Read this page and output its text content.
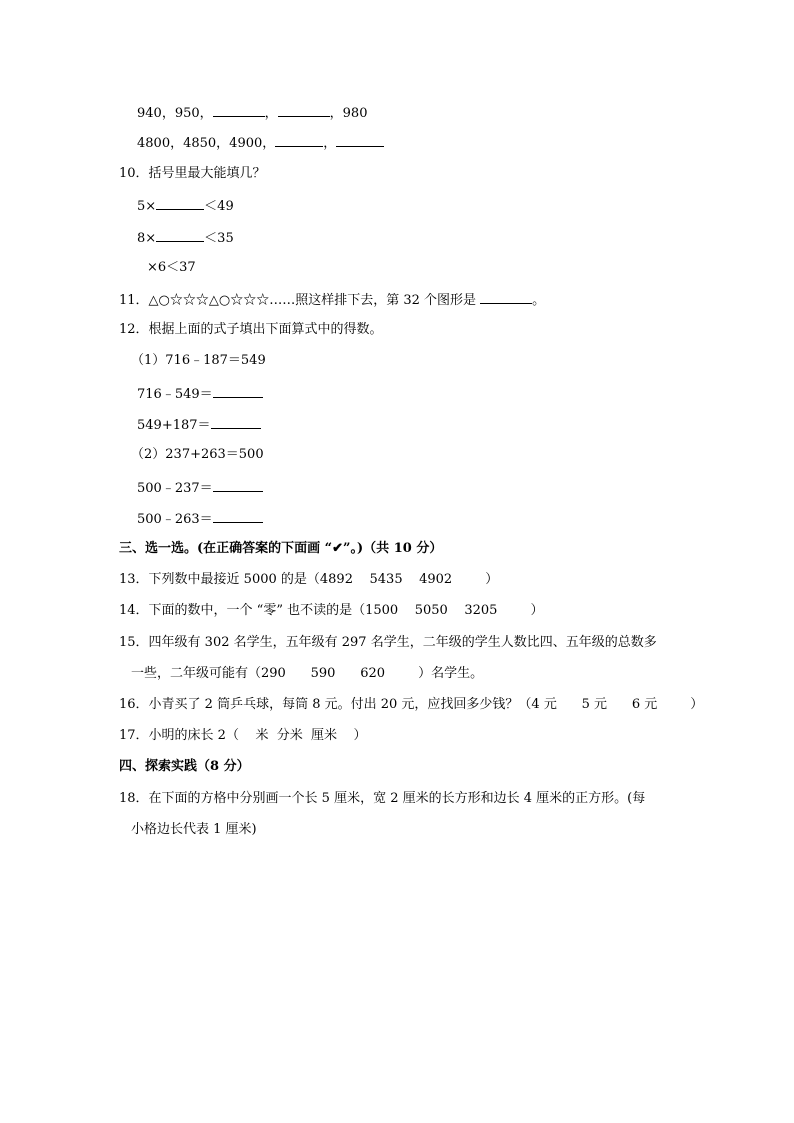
940，950，	，	，980
4800，4850，4900，	，
10．括号里最大能填几？
5×	＜49
8×	＜35
×6＜37
11．△○☆☆☆△○☆☆☆……照这样排下去，第 32 个图形是	。
12．根据上面的式子填出下面算式中的得数。
（1）716﹣187＝549
716﹣549＝
549+187＝
（2）237+263＝500
500﹣237＝
500﹣263＝
三、选一选。(在正确答案的下面画 “✔”。)（共 10 分）
13．下列数中最接近 5000 的是（4892    5435    4902        ）
14．下面的数中，一个 “零” 也不读的是（1500    5050    3205        ）
15．四年级有 302 名学生，五年级有 297 名学生，二年级的学生人数比四、五年级的总数多
一些，二年级可能有（290      590      620        ）名学生。
16．小青买了 2 筒乒乓球，每筒 8 元。付出 20 元，应找回多少钱？（4 元      5 元      6 元        ）
17．小明的床长 2（    米  分米  厘米    ）
四、探索实践（8 分）
18．在下面的方格中分别画一个长 5 厘米，宽 2 厘米的长方形和边长 4 厘米的正方形。(每
小格边长代表 1 厘米)
